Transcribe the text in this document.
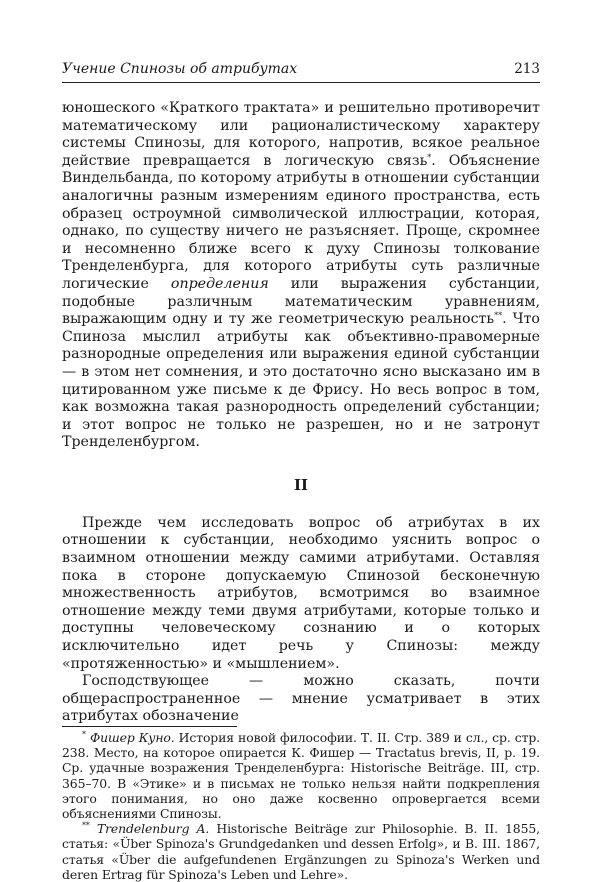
Учение Спинозы об атрибутах	213

юношеского «Краткого трактата» и решительно противоречит математическому или рационалистическому характеру системы Спинозы, для которого, напротив, всякое реальное действие превращается в логическую связь*. Объяснение Виндельбанда, по которому атрибуты в отношении субстанции аналогичны разным измерениям единого пространства, есть образец остроумной символической иллюстрации, которая, однако, по существу ничего не разъясняет. Проще, скромнее и несомненно ближе всего к духу Спинозы толкование Тренделенбурга, для которого атрибуты суть различные логические определения или выражения субстанции, подобные различным математическим уравнениям, выражающим одну и ту же геометрическую реальность**. Что Спиноза мыслил атрибуты как объективно-правомерные разнородные определения или выражения единой субстанции — в этом нет сомнения, и это достаточно ясно высказано им в цитированном уже письме к де Фрису. Но весь вопрос в том, как возможна такая разнородность определений субстанции; и этот вопрос не только не разрешен, но и не затронут Тренделенбургом.

II

Прежде чем исследовать вопрос об атрибутах в их отношении к субстанции, необходимо уяснить вопрос о взаимном отношении между самими атрибутами. Оставляя пока в стороне допускаемую Спинозой бесконечную множественность атрибутов, всмотримся во взаимное отношение между теми двумя атрибутами, которые только и доступны человеческому сознанию и о которых исключительно идет речь у Спинозы: между «протяженностью» и «мышлением».

Господствующее — можно сказать, почти общераспространенное — мнение усматривает в этих атрибутах обозначение

* Фишер Куно. История новой философии. Т. II. Стр. 389 и сл., ср. стр. 238. Место, на которое опирается К. Фишер — Tractatus brevis, II, p. 19. Ср. удачные возражения Тренделенбурга: Historische Beiträge. III, стр. 365–70. В «Этике» и в письмах не только нельзя найти подкрепления этого понимания, но оно даже косвенно опровергается всеми объяснениями Спинозы.

** Trendelenburg A. Historische Beiträge zur Philosophie. B. II. 1855, статья: «Über Spinoza's Grundgedanken und dessen Erfolg», и B. III. 1867, статья «Über die aufgefundenen Ergänzungen zu Spinoza's Werken und deren Ertrag für Spinoza's Leben und Lehre».
